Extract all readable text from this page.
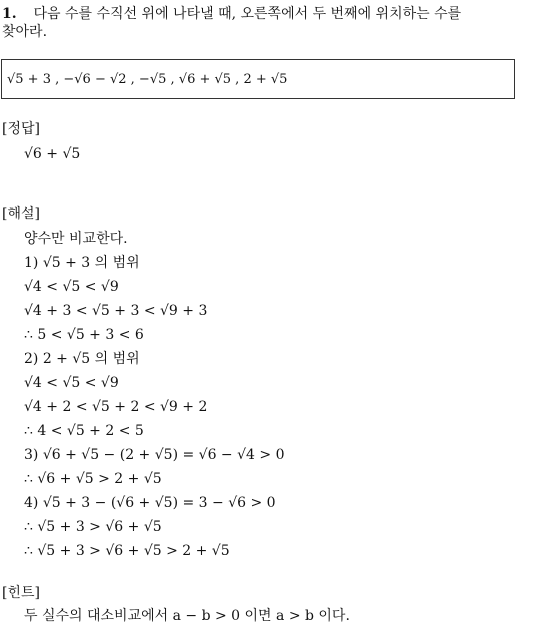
1. 다음 수를 수직선 위에 나타낼 때, 오른쪽에서 두 번째에 위치하는 수를
찾아라.
√5 + 3 , −√6 − √2 , −√5 , √6 + √5 , 2 + √5
[정답]
√6 + √5
[해설]
양수만 비교한다.
1) √5 + 3 의 범위
√4 < √5 < √9
√4 + 3 < √5 + 3 < √9 + 3
∴ 5 < √5 + 3 < 6
2) 2 + √5 의 범위
√4 < √5 < √9
√4 + 2 < √5 + 2 < √9 + 2
∴ 4 < √5 + 2 < 5
3) √6 + √5 − (2 + √5) = √6 − √4 > 0
∴ √6 + √5 > 2 + √5
4) √5 + 3 − (√6 + √5) = 3 − √6 > 0
∴ √5 + 3 > √6 + √5
∴ √5 + 3 > √6 + √5 > 2 + √5
[힌트]
두 실수의 대소비교에서 a − b > 0 이면 a > b 이다.
